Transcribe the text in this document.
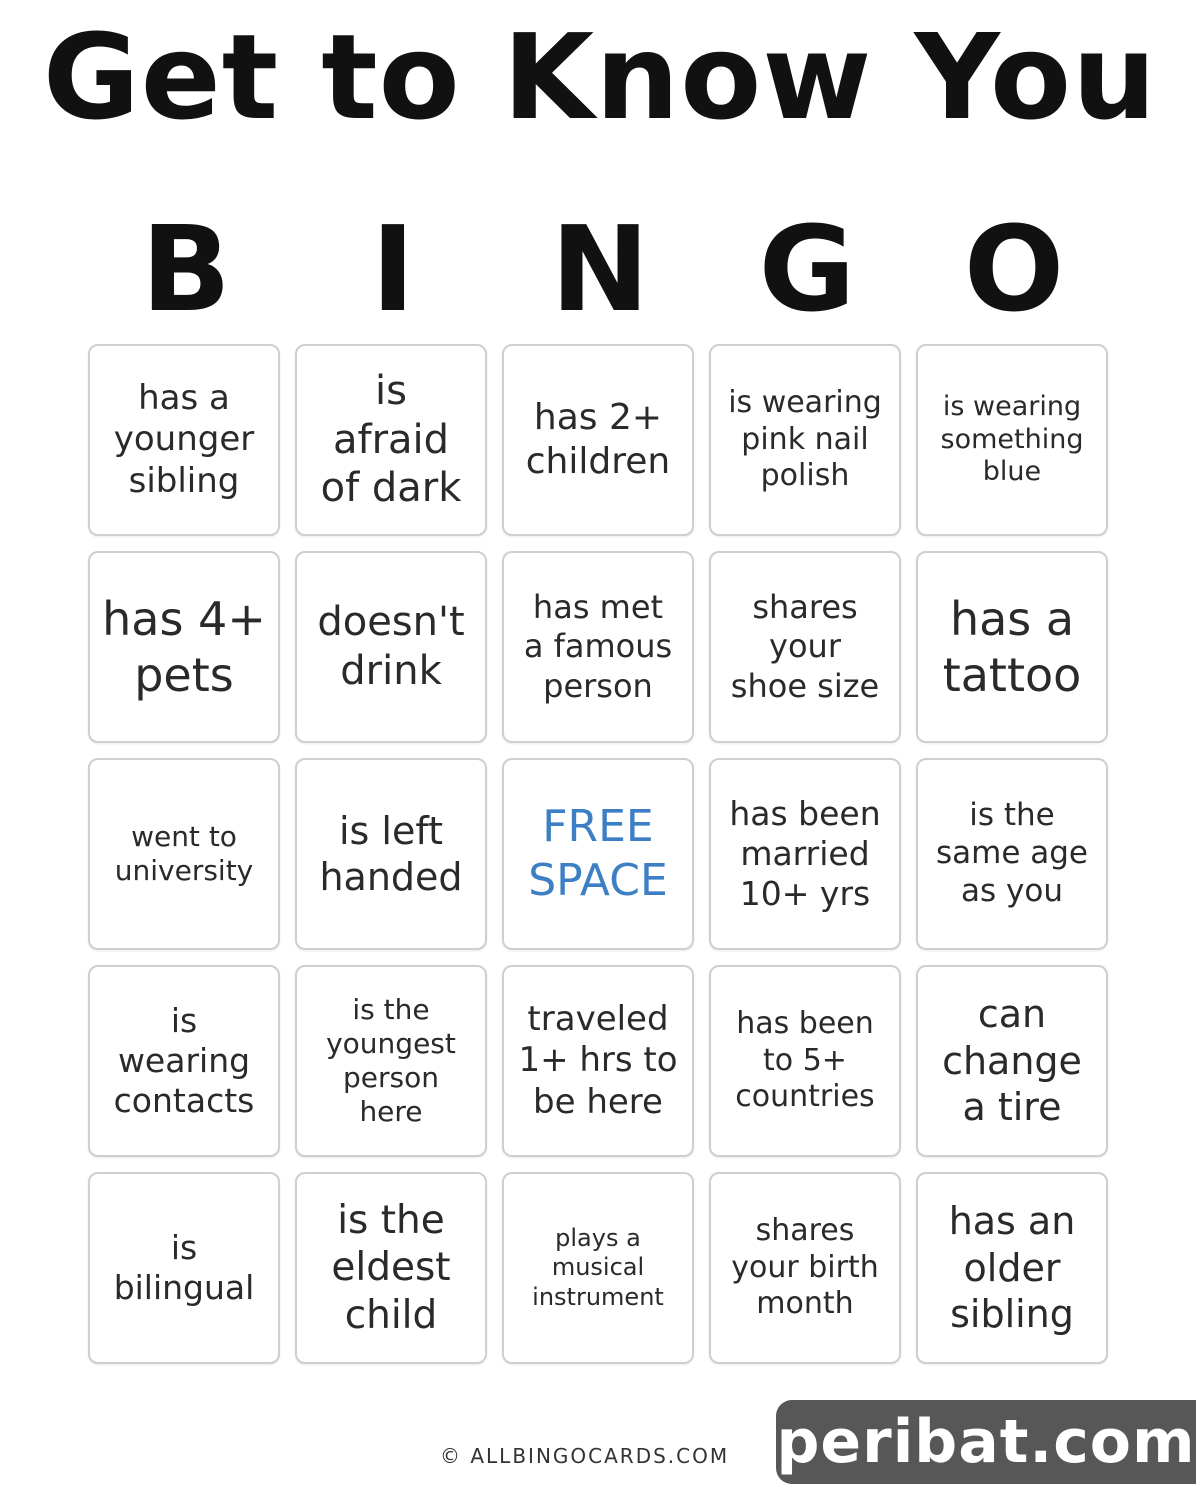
Get to Know You
B	I	N G O
has a
younger
sibling
is
afraid
of dark
has 2+
children
is wearing
pink nail
polish
is wearing
something
blue
has 4+
pets
doesn't
drink
has met
a famous
person
shares
your
shoe size
has a
tattoo
went to
university
is left
handed
FREE
SPACE
has been
married
10+ yrs
is the
same age
as you
is
wearing
contacts
is the
youngest
person
here
traveled
1+ hrs to
be here
has been
to 5+
countries
can
change
a tire
is
bilingual
is the
eldest
child
plays a
musical
instrument
shares
your birth
month
has an
older
sibling
© ALLBINGOCARDS.COM peribat.com
